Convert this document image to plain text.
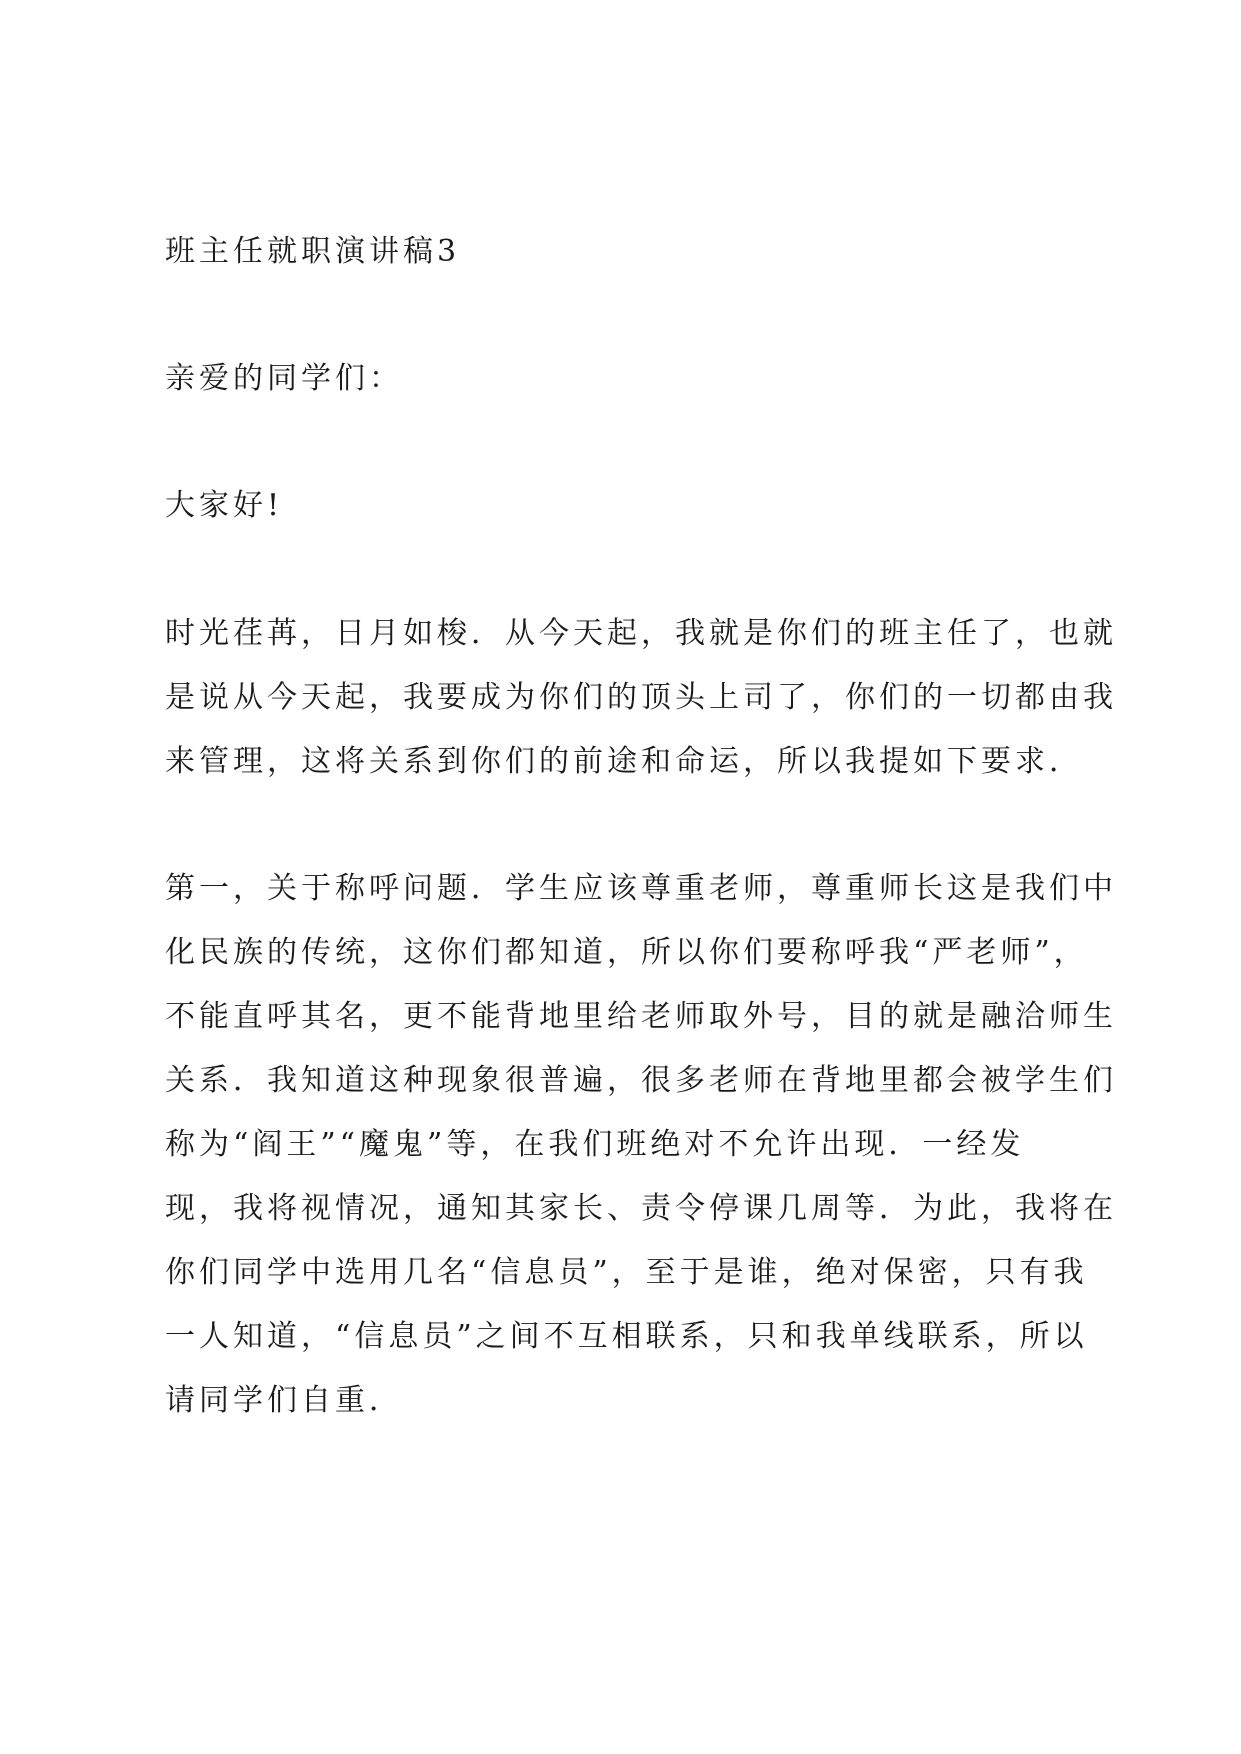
班主任就职演讲稿3
亲爱的同学们：
大家好!
时光荏苒，日月如梭．从今天起，我就是你们的班主任了，也就
是说从今天起，我要成为你们的顶头上司了，你们的一切都由我
来管理，这将关系到你们的前途和命运，所以我提如下要求．
第一，关于称呼问题．学生应该尊重老师，尊重师长这是我们中
化民族的传统，这你们都知道，所以你们要称呼我“严老师”，
不能直呼其名，更不能背地里给老师取外号，目的就是融洽师生
关系．我知道这种现象很普遍，很多老师在背地里都会被学生们
称为“阎王”“魔鬼”等，在我们班绝对不允许出现．一经发
现，我将视情况，通知其家长、责令停课几周等．为此，我将在
你们同学中选用几名“信息员”，至于是谁，绝对保密，只有我
一人知道，“信息员”之间不互相联系，只和我单线联系，所以
请同学们自重．
